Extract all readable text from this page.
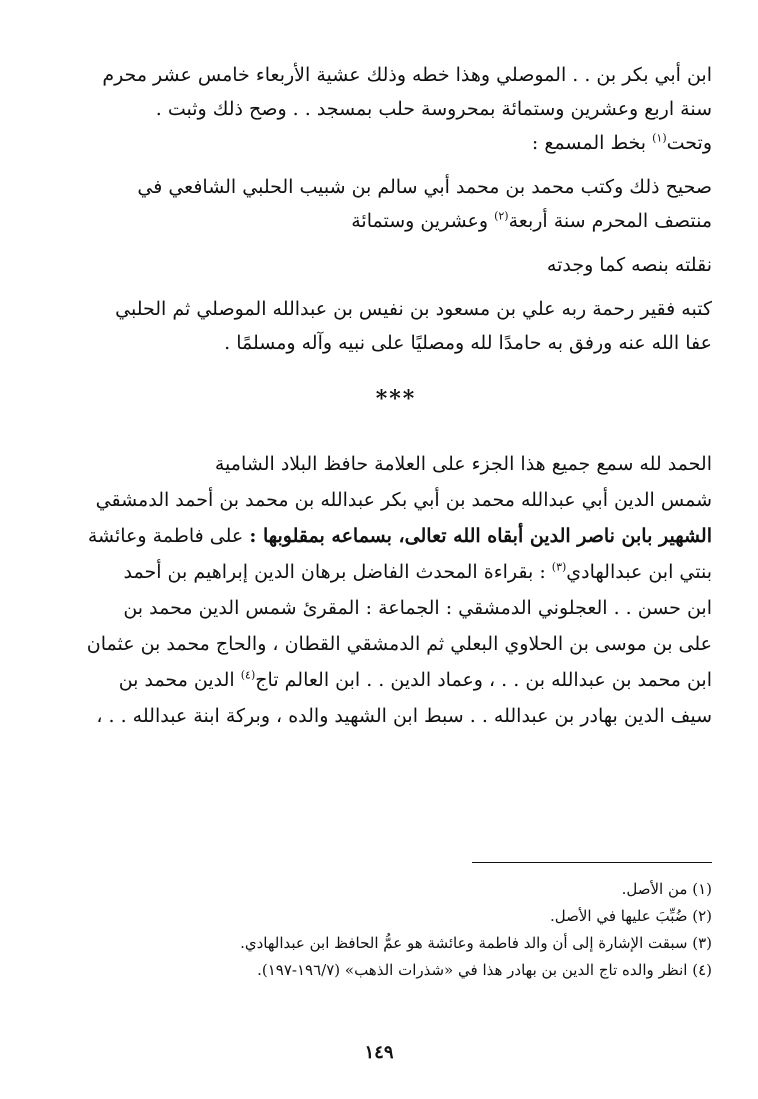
ابن أبي بكر بن . . الموصلي وهذا خطه وذلك عشية الأربعاء خامس عشر محرم
سنة اربع وعشرين وستمائة بمحروسة حلب بمسجد . . وصح ذلك وثبت .
وتحت$^{(١)}$ بخط المسمع :
صحيح ذلك وكتب محمد بن محمد أبي سالم بن شبيب الحلبي الشافعي في
منتصف المحرم سنة أربعة$^{(٢)}$ وعشرين وستمائة
نقلته بنصه كما وجدته
كتبه فقير رحمة ربه علي بن مسعود بن نفيس بن عبدالله الموصلي ثم الحلبي
عفا الله عنه ورفق به حامدًا لله ومصليًا على نبيه وآله ومسلمًا .
***
الحمد لله سمع جميع هذا الجزء على العلامة حافظ البلاد الشامية
شمس الدين أبي عبدالله محمد بن أبي بكر عبدالله بن محمد بن أحمد الدمشقي
الشهير بابن ناصر الدين أبقاه الله تعالى، بسماعه بمقلوبها : على فاطمة وعائشة
بنتي ابن عبدالهادي$^{(٣)}$ : بقراءة المحدث الفاضل برهان الدين إبراهيم بن أحمد
ابن حسن . . العجلوني الدمشقي : الجماعة : المقرئ شمس الدين محمد بن
على بن موسى بن الحلاوي البعلي ثم الدمشقي القطان ، والحاج محمد بن عثمان
ابن محمد بن عبدالله بن . . ، وعماد الدين . . ابن العالم تاج$^{(٤)}$ الدين محمد بن
سيف الدين بهادر بن عبدالله . . سبط ابن الشهيد والده ، وبركة ابنة عبدالله . . ،
(١) من الأصل.
(٢) ضُبِّبَ عليها في الأصل.
(٣) سبقت الإشارة إلى أن والد فاطمة وعائشة هو عمُّ الحافظ ابن عبدالهادي.
(٤) انظر والده تاج الدين بن بهادر هذا في «شذرات الذهب» (١٩٦/٧-١٩٧).
١٤٩
